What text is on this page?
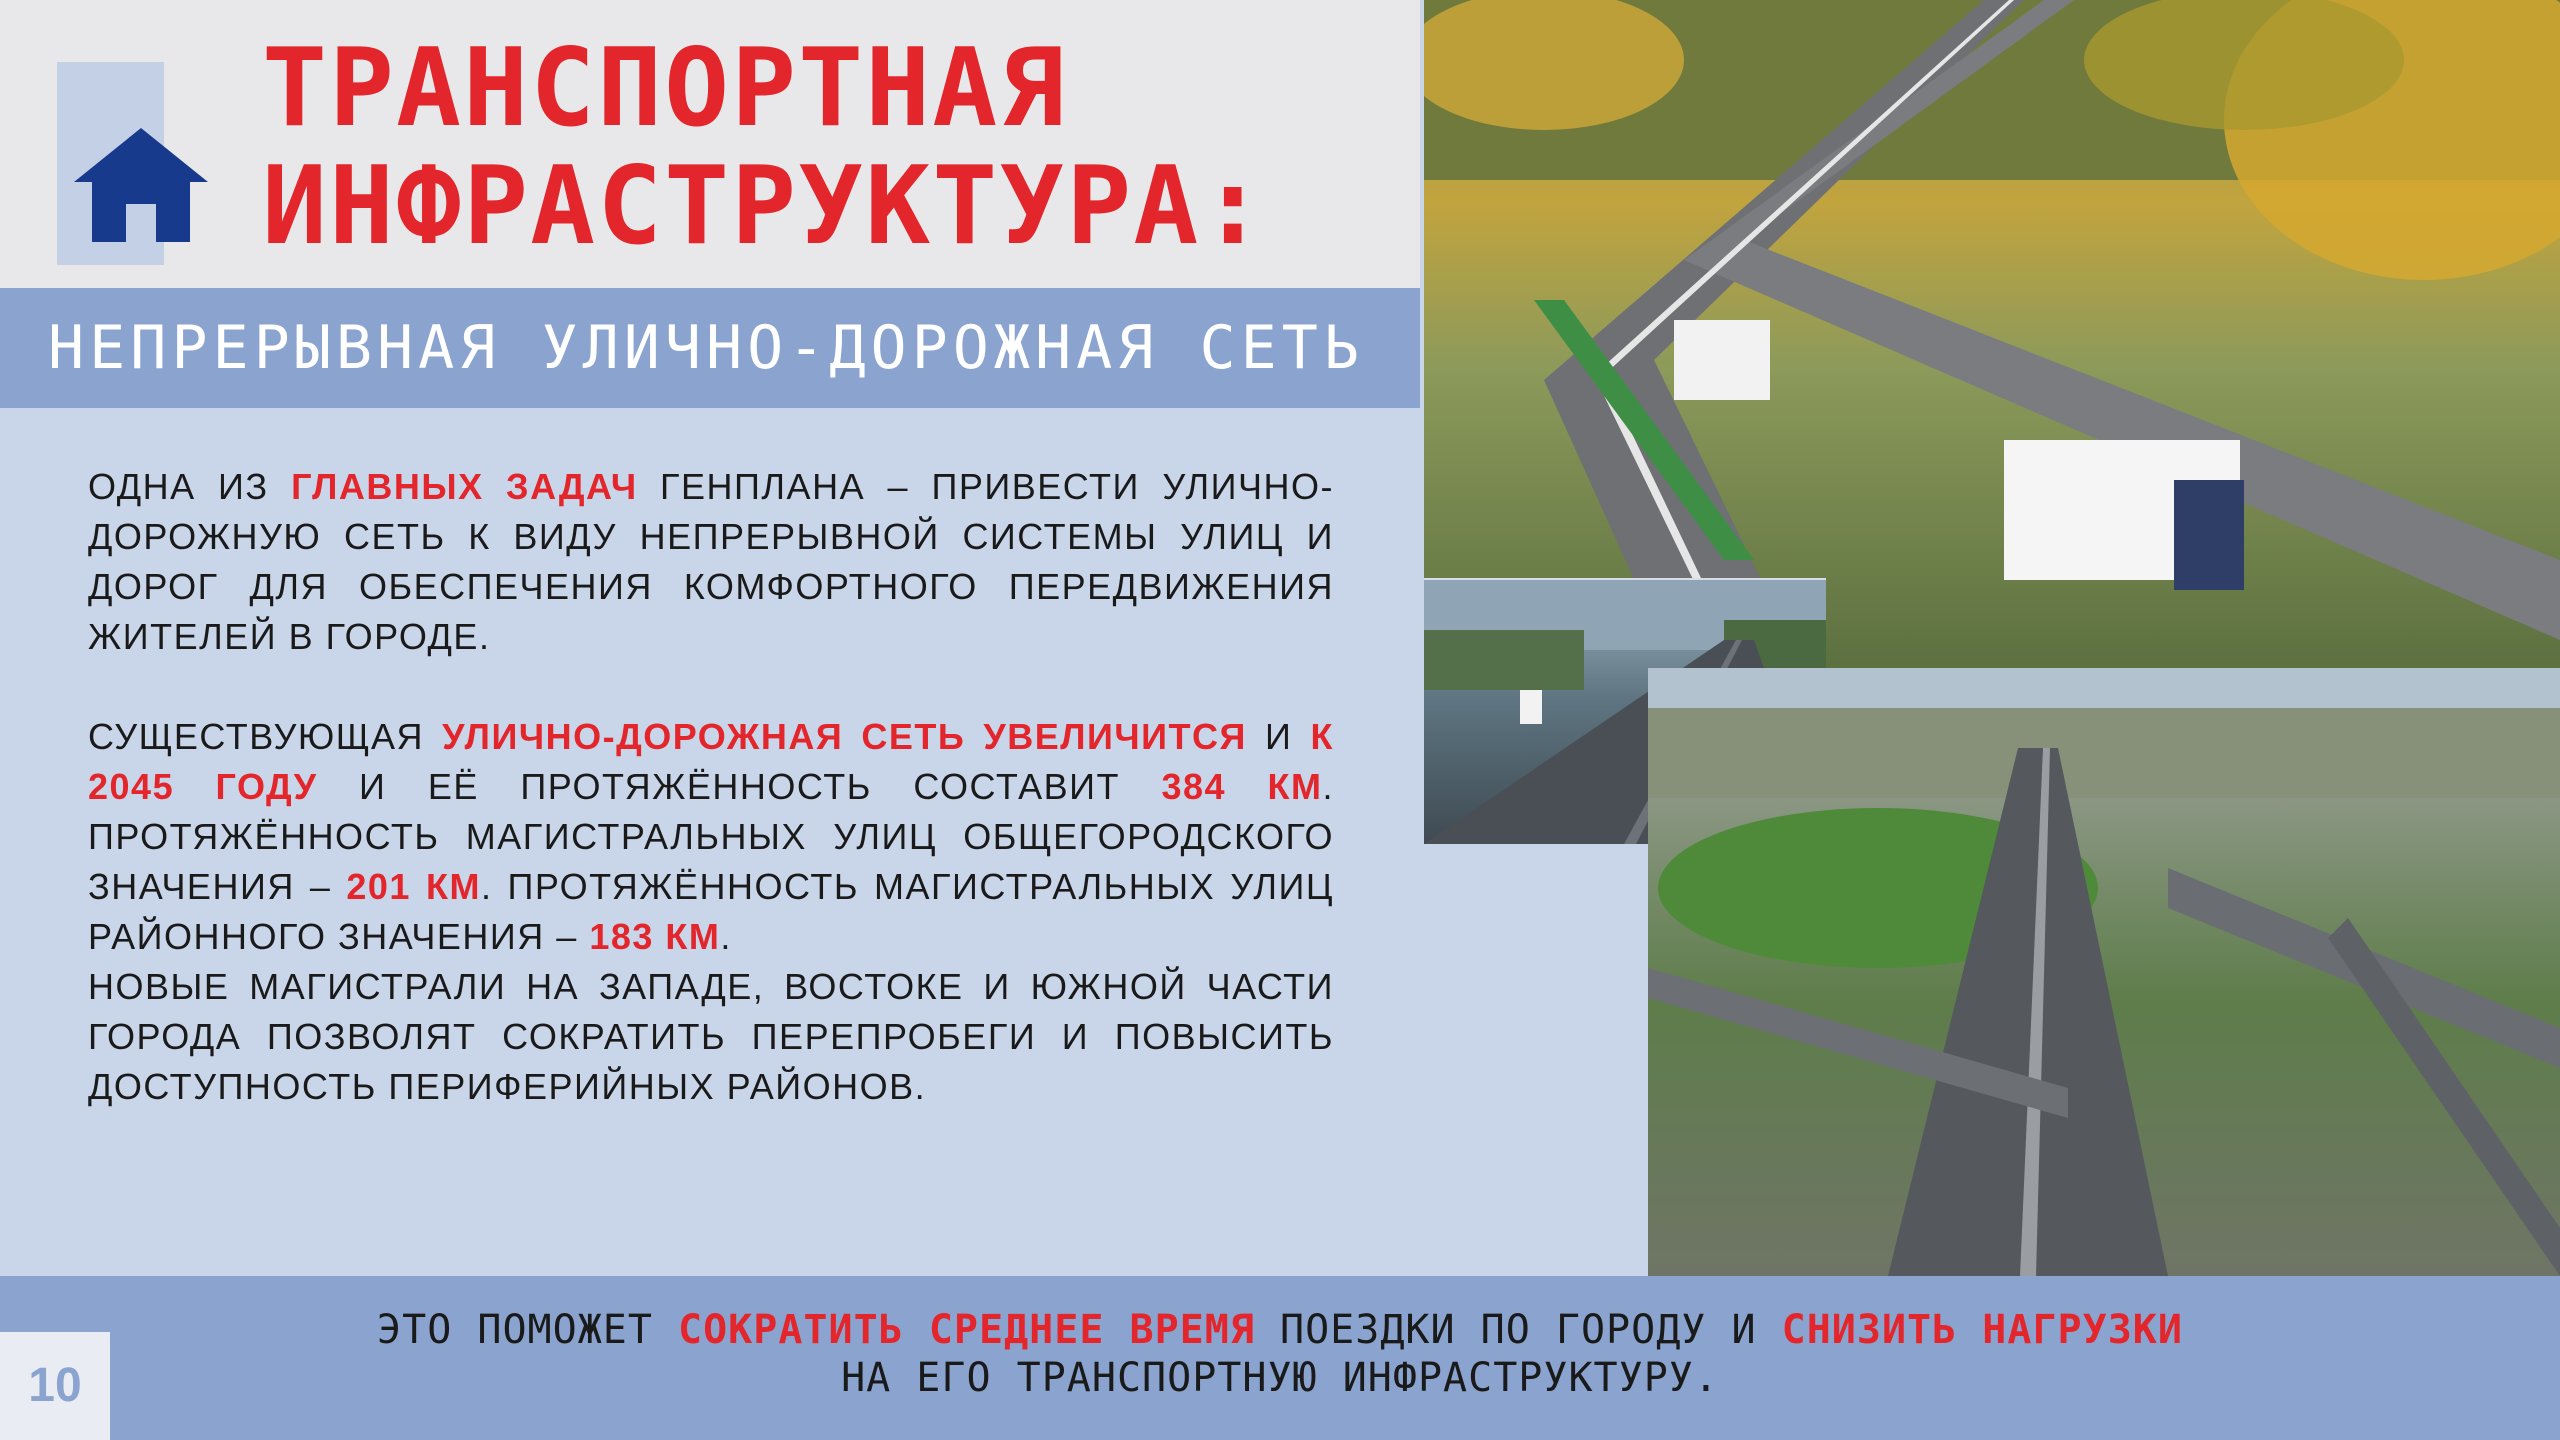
ТРАНСПОРТНАЯ
ИНФРАСТРУКТУРА:
НЕПРЕРЫВНАЯ УЛИЧНО-ДОРОЖНАЯ СЕТЬ

ОДНА ИЗ ГЛАВНЫХ ЗАДАЧ ГЕНПЛАНА – ПРИВЕСТИ УЛИЧНО-ДОРОЖНУЮ СЕТЬ К ВИДУ НЕПРЕРЫВНОЙ СИСТЕМЫ УЛИЦ И ДОРОГ ДЛЯ ОБЕСПЕЧЕНИЯ КОМФОРТНОГО ПЕРЕДВИЖЕНИЯ ЖИТЕЛЕЙ В ГОРОДЕ.

СУЩЕСТВУЮЩАЯ УЛИЧНО-ДОРОЖНАЯ СЕТЬ УВЕЛИЧИТСЯ И К 2045 ГОДУ И ЕЁ ПРОТЯЖЁННОСТЬ СОСТАВИТ 384 КМ. ПРОТЯЖЁННОСТЬ МАГИСТРАЛЬНЫХ УЛИЦ ОБЩЕГОРОДСКОГО ЗНАЧЕНИЯ – 201 КМ. ПРОТЯЖЁННОСТЬ МАГИСТРАЛЬНЫХ УЛИЦ РАЙОННОГО ЗНАЧЕНИЯ – 183 КМ.

НОВЫЕ МАГИСТРАЛИ НА ЗАПАДЕ, ВОСТОКЕ И ЮЖНОЙ ЧАСТИ ГОРОДА ПОЗВОЛЯТ СОКРАТИТЬ ПЕРЕПРОБЕГИ И ПОВЫСИТЬ ДОСТУПНОСТЬ ПЕРИФЕРИЙНЫХ РАЙОНОВ.

ЭТО ПОМОЖЕТ СОКРАТИТЬ СРЕДНЕЕ ВРЕМЯ ПОЕЗДКИ ПО ГОРОДУ И СНИЗИТЬ НАГРУЗКИ
НА ЕГО ТРАНСПОРТНУЮ ИНФРАСТРУКТУРУ.

10
